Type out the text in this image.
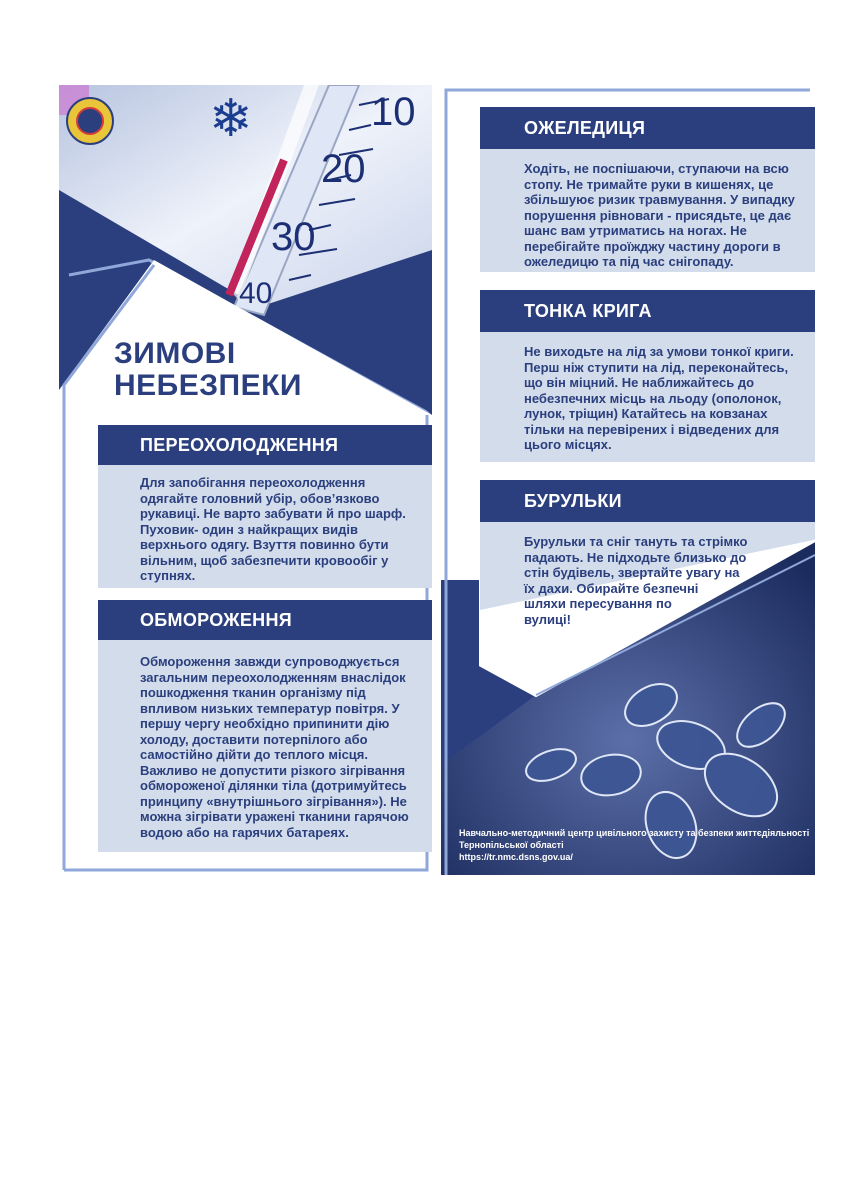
❄	10
20
30
40
ЗИМОВІ
НЕБЕЗПЕКИ
ПЕРЕОХОЛОДЖЕННЯ
Для запобігання переохолодження
одягайте головний убір, обов’язково
рукавиці. Не варто забувати й про шарф.
Пуховик- один з найкращих видів
верхнього одягу. Взуття повинно бути
вільним, щоб забезпечити кровообіг у
ступнях.
ОБМОРОЖЕННЯ
Обмороження завжди супроводжується
загальним переохолодженням внаслідок
пошкодження тканин організму під
впливом низьких температур повітря. У
першу чергу необхідно припинити дію
холоду, доставити потерпілого або
самостійно дійти до теплого місця.
Важливо не допустити різкого зігрівання
обмороженої ділянки тіла (дотримуйтесь
принципу «внутрішнього зігрівання»). Не
можна зігрівати уражені тканини гарячою
водою або на гарячих батареях.
ОЖЕЛЕДИЦЯ
Ходіть, не поспішаючи, ступаючи на всю
стопу. Не тримайте руки в кишенях, це
збільшуює ризик травмування. У випадку
порушення рівноваги - присядьте, це дає
шанс вам утриматись на ногах. Не
перебігайте проїжджу частину дороги в
ожеледицю та під час снігопаду.
ТОНКА КРИГА
Не виходьте на лід за умови тонкої криги.
Перш ніж ступити на лід, переконайтесь,
що він міцний. Не наближайтесь до
небезпечних місць на льоду (ополонок,
лунок, тріщин) Катайтесь на ковзанах
тільки на перевірених і відведених для
цього місцях.
БУРУЛЬКИ
Бурульки та сніг тануть та стрімко
падають. Не підходьте близько до
стін будівель, звертайте увагу на
їх дахи. Обирайте безпечні
шляхи пересування по
вулиці!
Навчально-методичний центр цивільного захисту та безпеки життєдіяльності
Тернопільської області
https://tr.nmc.dsns.gov.ua/
